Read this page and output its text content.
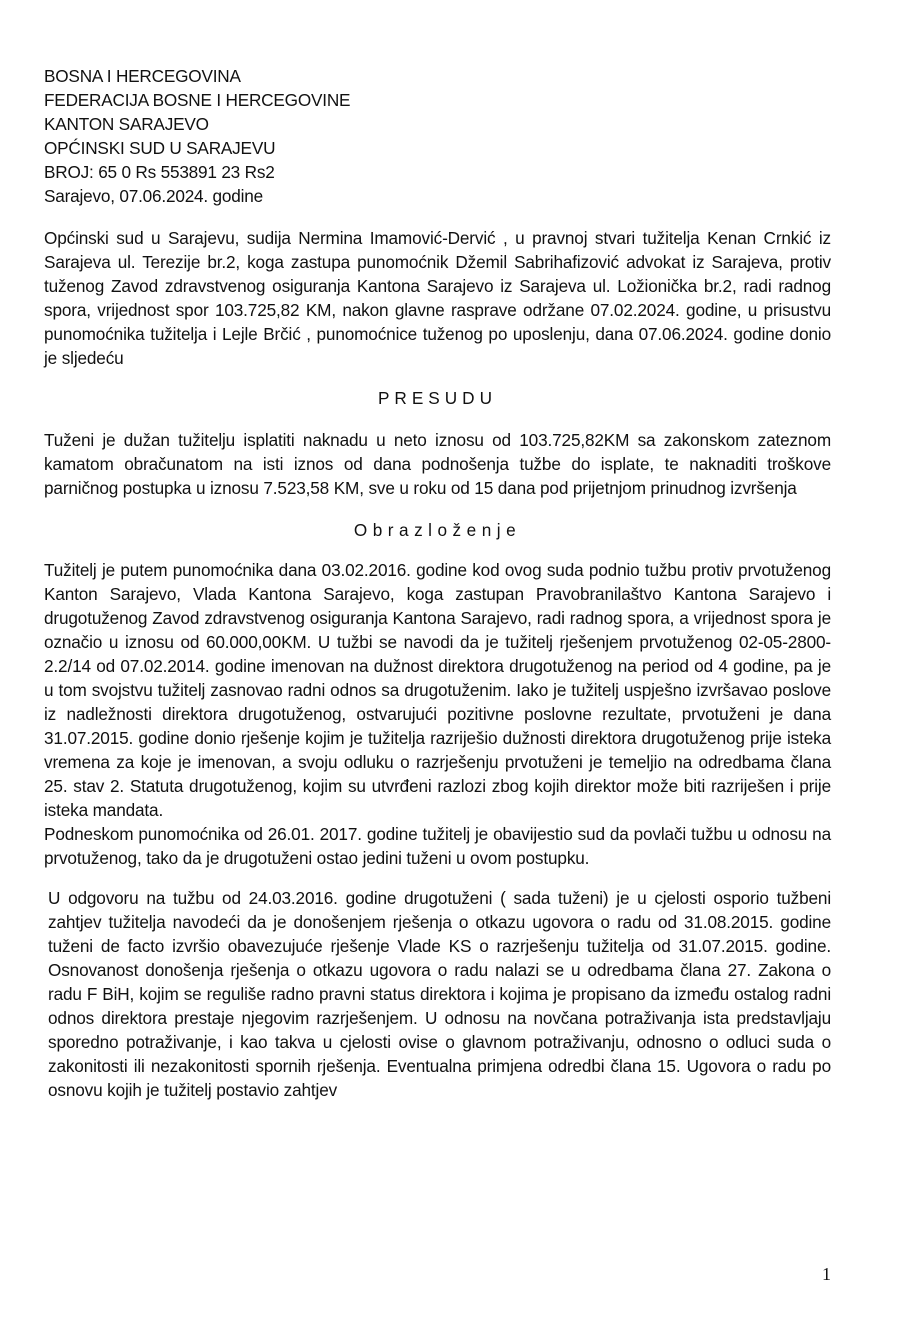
BOSNA I HERCEGOVINA
FEDERACIJA BOSNE I HERCEGOVINE
KANTON SARAJEVO
OPĆINSKI SUD U SARAJEVU
BROJ: 65 0 Rs 553891 23 Rs2
Sarajevo, 07.06.2024. godine

Općinski sud u Sarajevu, sudija Nermina Imamović-Dervić , u pravnoj stvari tužitelja Kenan Crnkić iz Sarajeva ul. Terezije br.2, koga zastupa punomoćnik Džemil Sabrihafizović advokat iz Sarajeva, protiv tuženog Zavod zdravstvenog osiguranja Kantona Sarajevo iz Sarajeva ul. Ložionička br.2, radi radnog spora, vrijednost spor 103.725,82 KM, nakon glavne rasprave održane 07.02.2024. godine, u prisustvu punomoćnika tužitelja i Lejle Brčić , punomoćnice tuženog po uposlenju, dana 07.06.2024. godine donio je sljedeću

PRESUDU

Tuženi je dužan tužitelju isplatiti naknadu u neto iznosu od 103.725,82KM sa zakonskom zateznom kamatom obračunatom na isti iznos od dana podnošenja tužbe do isplate, te naknaditi troškove parničnog postupka u iznosu 7.523,58 KM, sve u roku od 15 dana pod prijetnjom prinudnog izvršenja

Obrazloženje

Tužitelj je putem punomoćnika dana 03.02.2016. godine kod ovog suda podnio tužbu protiv prvotuženog Kanton Sarajevo, Vlada Kantona Sarajevo, koga zastupan Pravobranilaštvo Kantona Sarajevo i drugotuženog Zavod zdravstvenog osiguranja Kantona Sarajevo, radi radnog spora, a vrijednost spora je označio u iznosu od 60.000,00KM. U tužbi se navodi da je tužitelj rješenjem prvotuženog 02-05-2800-2.2/14 od 07.02.2014. godine imenovan na dužnost direktora drugotuženog na period od 4 godine, pa je u tom svojstvu tužitelj zasnovao radni odnos sa drugotuženim. Iako je tužitelj uspješno izvršavao poslove iz nadležnosti direktora drugotuženog, ostvarujući pozitivne poslovne rezultate, prvotuženi je dana 31.07.2015. godine donio rješenje kojim je tužitelja razriješio dužnosti direktora drugotuženog prije isteka vremena za koje je imenovan, a svoju odluku o razrješenju prvotuženi je temeljio na odredbama člana 25. stav 2. Statuta drugotuženog, kojim su utvrđeni razlozi zbog kojih direktor može biti razriješen i prije isteka mandata.

Podneskom punomoćnika od 26.01. 2017. godine tužitelj je obavijestio sud da povlači tužbu u odnosu na prvotuženog, tako da je drugotuženi ostao jedini tuženi u ovom postupku.

U odgovoru na tužbu od 24.03.2016. godine drugotuženi ( sada tuženi) je u cjelosti osporio tužbeni zahtjev tužitelja navodeći da je donošenjem rješenja o otkazu ugovora o radu od 31.08.2015. godine tuženi de facto izvršio obavezujuće rješenje Vlade KS o razrješenju tužitelja od 31.07.2015. godine. Osnovanost donošenja rješenja o otkazu ugovora o radu nalazi se u odredbama člana 27. Zakona o radu F BiH, kojim se reguliše radno pravni status direktora i kojima je propisano da između ostalog radni odnos direktora prestaje njegovim razrješenjem. U odnosu na novčana potraživanja ista predstavljaju sporedno potraživanje, i kao takva u cjelosti ovise o glavnom potraživanju, odnosno o odluci suda o zakonitosti ili nezakonitosti spornih rješenja. Eventualna primjena odredbi člana 15. Ugovora o radu po osnovu kojih je tužitelj postavio zahtjev

1
